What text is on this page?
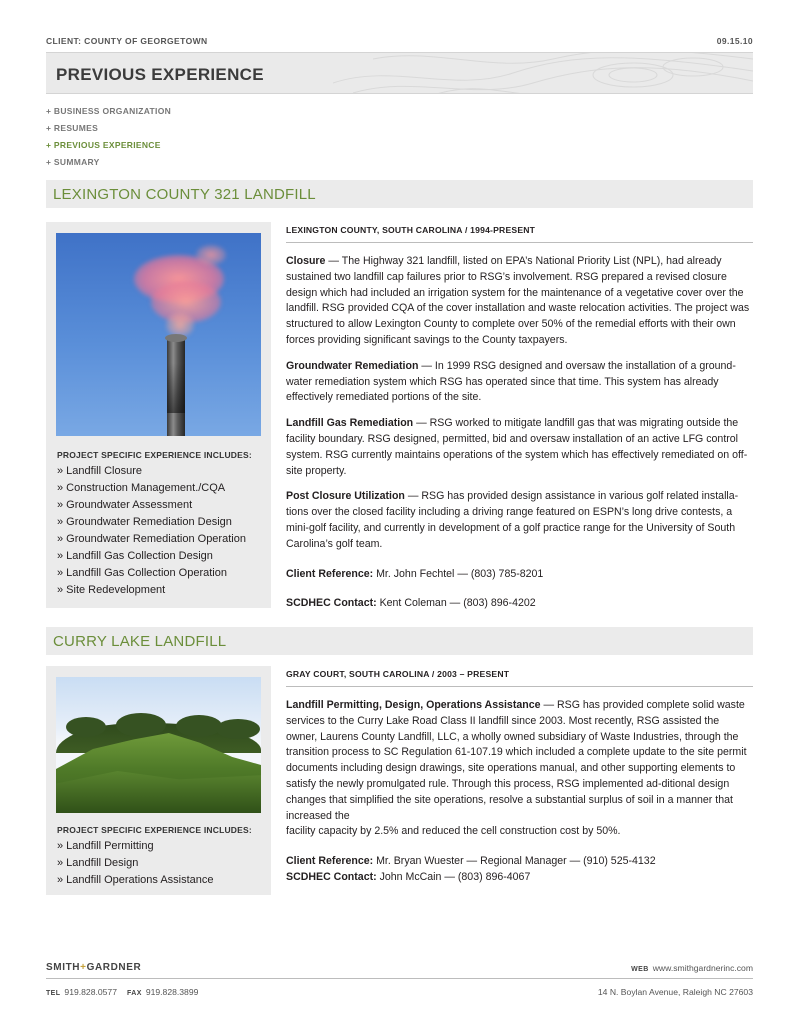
CLIENT: COUNTY OF GEORGETOWN	09.15.10
PREVIOUS EXPERIENCE
+ BUSINESS ORGANIZATION
+ RESUMES
+ PREVIOUS EXPERIENCE
+ SUMMARY
LEXINGTON COUNTY 321 LANDFILL
PROJECT SPECIFIC EXPERIENCE INCLUDES:
» Landfill Closure
» Construction Management./CQA
» Groundwater Assessment
» Groundwater Remediation Design
» Groundwater Remediation Operation
» Landfill Gas Collection Design
» Landfill Gas Collection Operation
» Site Redevelopment
LEXINGTON COUNTY, SOUTH CAROLINA / 1994-PRESENT

Closure — The Highway 321 landfill, listed on EPA’s National Priority List (NPL), had already sustained two landfill cap failures prior to RSG’s involvement. RSG prepared a revised closure design which had included an irrigation system for the maintenance of a vegetative cover over the landfill. RSG provided CQA of the cover installation and waste relocation activities. The project was structured to allow Lexington County to complete over 50% of the remedial efforts with their own forces providing significant savings to the County taxpayers.

Groundwater Remediation — In 1999 RSG designed and oversaw the installation of a ground-water remediation system which RSG has operated since that time. This system has already effectively remediated portions of the site.

Landfill Gas Remediation — RSG worked to mitigate landfill gas that was migrating outside the facility boundary. RSG designed, permitted, bid and oversaw installation of an active LFG control system. RSG currently maintains operations of the system which has effectively remediated on off-site property.

Post Closure Utilization — RSG has provided design assistance in various golf related installa-tions over the closed facility including a driving range featured on ESPN’s long drive contests, a mini-golf facility, and currently in development of a golf practice range for the University of South Carolina’s golf team.

Client Reference: Mr. John Fechtel — (803) 785-8201
SCDHEC Contact: Kent Coleman — (803) 896-4202
CURRY LAKE LANDFILL
PROJECT SPECIFIC EXPERIENCE INCLUDES:
» Landfill Permitting
» Landfill Design
» Landfill Operations Assistance
GRAY COURT, SOUTH CAROLINA / 2003 – PRESENT

Landfill Permitting, Design, Operations Assistance — RSG has provided complete solid waste services to the Curry Lake Road Class II landfill since 2003. Most recently, RSG assisted the owner, Laurens County Landfill, LLC, a wholly owned subsidiary of Waste Industries, through the transition process to SC Regulation 61-107.19 which included a complete update to the site permit documents including design drawings, site operations manual, and other supporting elements to satisfy the newly promulgated rule. Through this process, RSG implemented ad-ditional design changes that simplified the site operations, resolve a substantial surplus of soil in a manner that increased the
facility capacity by 2.5% and reduced the cell construction cost by 50%.

Client Reference: Mr. Bryan Wuester — Regional Manager — (910) 525-4132
SCDHEC Contact: John McCain — (803) 896-4067
SMITH+GARDNER	WEB www.smithgardnerinc.com
TEL 919.828.0577 FAX 919.828.3899	14 N. Boylan Avenue, Raleigh NC 27603
